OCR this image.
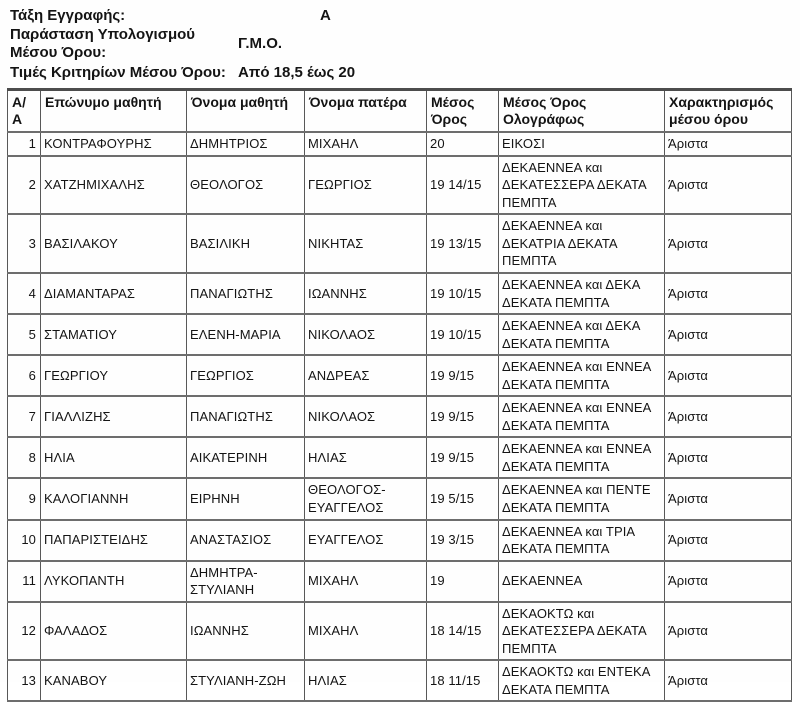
Τάξη Εγγραφής:	Α
Παράσταση Υπολογισμού Μέσου Όρου:
Γ.Μ.Ο.
Τιμές Κριτηρίων Μέσου Όρου: Από 18,5 έως 20
Α/Α	Επώνυμο μαθητή	Όνομα μαθητή	Όνομα πατέρα	Μέσος Όρος	Μέσος Όρος Ολογράφως	Χαρακτηρισμός μέσου όρου
1	ΚΟΝΤΡΑΦΟΥΡΗΣ	ΔΗΜΗΤΡΙΟΣ	ΜΙΧΑΗΛ	20	ΕΙΚΟΣΙ	Άριστα
2	ΧΑΤΖΗΜΙΧΑΛΗΣ	ΘΕΟΛΟΓΟΣ	ΓΕΩΡΓΙΟΣ	19 14/15	ΔΕΚΑΕΝΝΕΑ και ΔΕΚΑΤΕΣΣΕΡΑ ΔΕΚΑΤΑ ΠΕΜΠΤΑ	Άριστα
3	ΒΑΣΙΛΑΚΟΥ	ΒΑΣΙΛΙΚΗ	ΝΙΚΗΤΑΣ	19 13/15	ΔΕΚΑΕΝΝΕΑ και ΔΕΚΑΤΡΙΑ ΔΕΚΑΤΑ ΠΕΜΠΤΑ	Άριστα
4	ΔΙΑΜΑΝΤΑΡΑΣ	ΠΑΝΑΓΙΩΤΗΣ	ΙΩΑΝΝΗΣ	19 10/15	ΔΕΚΑΕΝΝΕΑ και ΔΕΚΑ ΔΕΚΑΤΑ ΠΕΜΠΤΑ	Άριστα
5	ΣΤΑΜΑΤΙΟΥ	ΕΛΕΝΗ-ΜΑΡΙΑ	ΝΙΚΟΛΑΟΣ	19 10/15	ΔΕΚΑΕΝΝΕΑ και ΔΕΚΑ ΔΕΚΑΤΑ ΠΕΜΠΤΑ	Άριστα
6	ΓΕΩΡΓΙΟΥ	ΓΕΩΡΓΙΟΣ	ΑΝΔΡΕΑΣ	19 9/15	ΔΕΚΑΕΝΝΕΑ και ΕΝΝΕΑ ΔΕΚΑΤΑ ΠΕΜΠΤΑ	Άριστα
7	ΓΙΑΛΛΙΖΗΣ	ΠΑΝΑΓΙΩΤΗΣ	ΝΙΚΟΛΑΟΣ	19 9/15	ΔΕΚΑΕΝΝΕΑ και ΕΝΝΕΑ ΔΕΚΑΤΑ ΠΕΜΠΤΑ	Άριστα
8	ΗΛΙΑ	ΑΙΚΑΤΕΡΙΝΗ	ΗΛΙΑΣ	19 9/15	ΔΕΚΑΕΝΝΕΑ και ΕΝΝΕΑ ΔΕΚΑΤΑ ΠΕΜΠΤΑ	Άριστα
9	ΚΑΛΟΓΙΑΝΝΗ	ΕΙΡΗΝΗ	ΘΕΟΛΟΓΟΣ-ΕΥΑΓΓΕΛΟΣ	19 5/15	ΔΕΚΑΕΝΝΕΑ και ΠΕΝΤΕ ΔΕΚΑΤΑ ΠΕΜΠΤΑ	Άριστα
10	ΠΑΠΑΡΙΣΤΕΙΔΗΣ	ΑΝΑΣΤΑΣΙΟΣ	ΕΥΑΓΓΕΛΟΣ	19 3/15	ΔΕΚΑΕΝΝΕΑ και ΤΡΙΑ ΔΕΚΑΤΑ ΠΕΜΠΤΑ	Άριστα
11	ΛΥΚΟΠΑΝΤΗ	ΔΗΜΗΤΡΑ-ΣΤΥΛΙΑΝΗ	ΜΙΧΑΗΛ	19	ΔΕΚΑΕΝΝΕΑ	Άριστα
12	ΦΑΛΑΔΟΣ	ΙΩΑΝΝΗΣ	ΜΙΧΑΗΛ	18 14/15	ΔΕΚΑΟΚΤΩ και ΔΕΚΑΤΕΣΣΕΡΑ ΔΕΚΑΤΑ ΠΕΜΠΤΑ	Άριστα
13	ΚΑΝΑΒΟΥ	ΣΤΥΛΙΑΝΗ-ΖΩΗ	ΗΛΙΑΣ	18 11/15	ΔΕΚΑΟΚΤΩ και ΕΝΤΕΚΑ ΔΕΚΑΤΑ ΠΕΜΠΤΑ	Άριστα
